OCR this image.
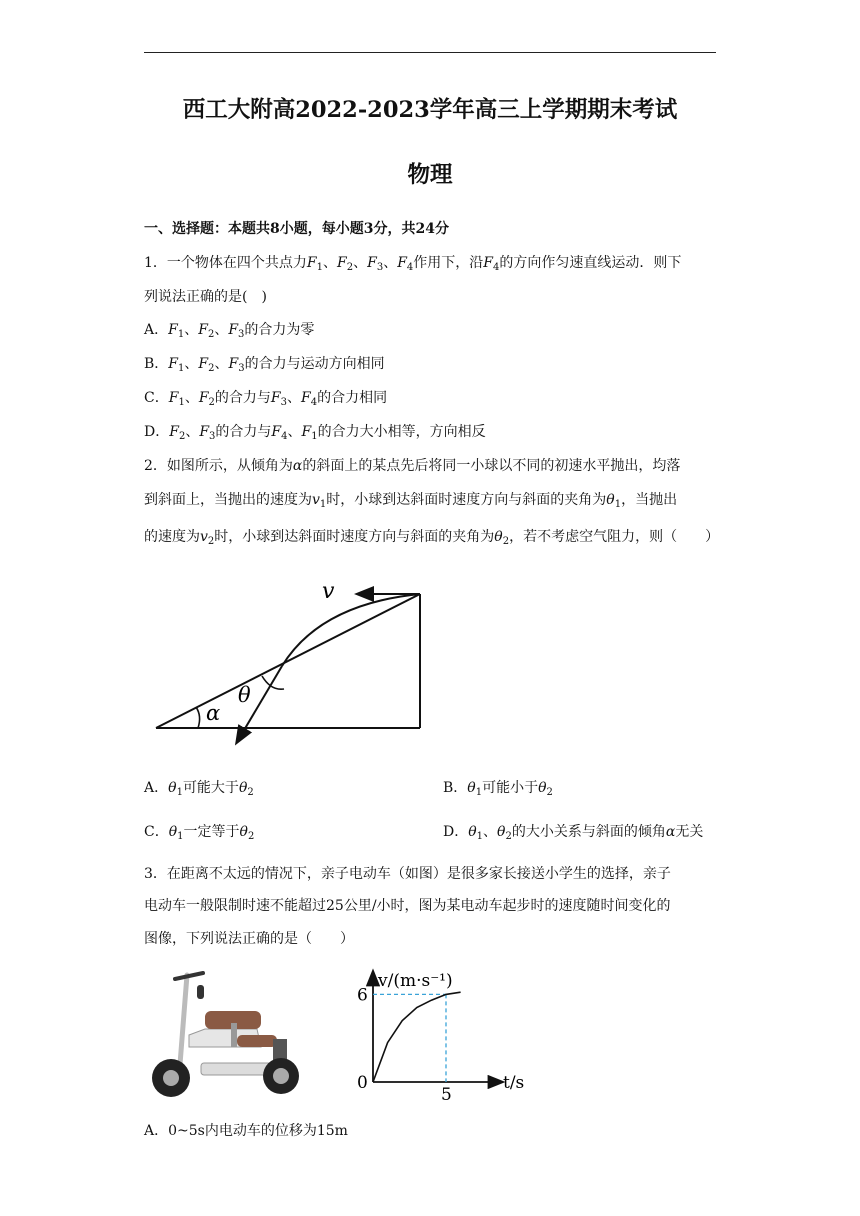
西工大附高2022-2023学年高三上学期期末考试
物理
一、选择题：本题共8小题，每小题3分，共24分
1．一个物体在四个共点力$F_1$、$F_2$、$F_3$、$F_4$作用下，沿$F_4$的方向作匀速直线运动．则下
列说法正确的是(　)
A．$F_1$、$F_2$、$F_3$的合力为零
B．$F_1$、$F_2$、$F_3$的合力与运动方向相同
C．$F_1$、$F_2$的合力与$F_3$、$F_4$的合力相同
D．$F_2$、$F_3$的合力与$F_4$、$F_1$的合力大小相等，方向相反
2．如图所示，从倾角为α的斜面上的某点先后将同一小球以不同的初速水平抛出，均落
到斜面上，当抛出的速度为$v_1$时，小球到达斜面时速度方向与斜面的夹角为$\theta_1$，当抛出
的速度为$v_2$时，小球到达斜面时速度方向与斜面的夹角为$\theta_2$，若不考虑空气阻力，则（　　）
v
θ
α
A．$\theta_1$可能大于$\theta_2$	B．$\theta_1$可能小于$\theta_2$
C．$\theta_1$一定等于$\theta_2$	D．$\theta_1$、$\theta_2$的大小关系与斜面的倾角α无关
3．在距离不太远的情况下，亲子电动车（如图）是很多家长接送小学生的选择，亲子
电动车一般限制时速不能超过25公里/小时，图为某电动车起步时的速度随时间变化的
图像，下列说法正确的是（　　）
v/(m·s⁻¹)
t/s
0
5
6
A．0~5s内电动车的位移为15m
